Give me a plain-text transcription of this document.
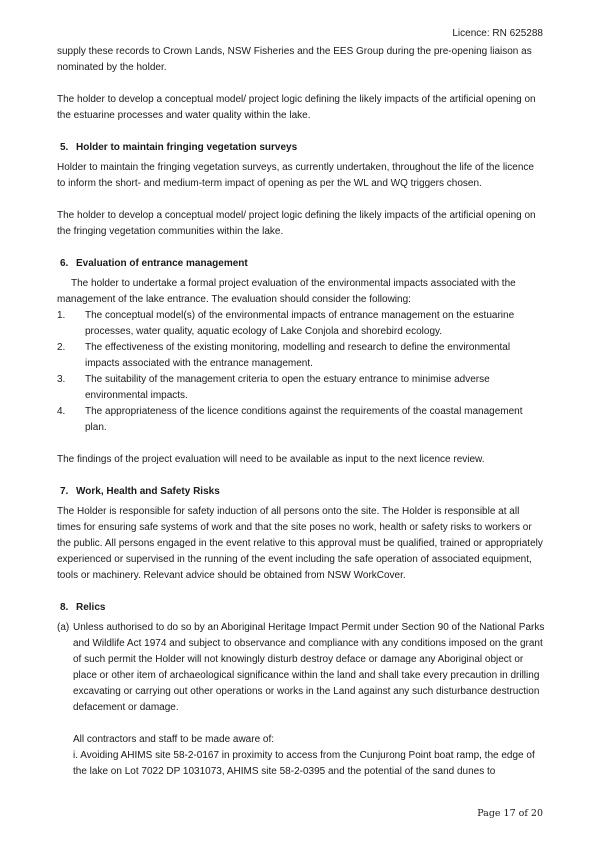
Licence: RN 625288

supply these records to Crown Lands, NSW Fisheries and the EES Group during the pre-opening liaison as nominated by the holder.

The holder to develop a conceptual model/ project logic defining the likely impacts of the artificial opening on the estuarine processes and water quality within the lake.

5. Holder to maintain fringing vegetation surveys

Holder to maintain the fringing vegetation surveys, as currently undertaken, throughout the life of the licence to inform the short- and medium-term impact of opening as per the WL and WQ triggers chosen.

The holder to develop a conceptual model/ project logic defining the likely impacts of the artificial opening on the fringing vegetation communities within the lake.

6. Evaluation of entrance management

The holder to undertake a formal project evaluation of the environmental impacts associated with the management of the lake entrance. The evaluation should consider the following:

1. The conceptual model(s) of the environmental impacts of entrance management on the estuarine processes, water quality, aquatic ecology of Lake Conjola and shorebird ecology.
2. The effectiveness of the existing monitoring, modelling and research to define the environmental impacts associated with the entrance management.
3. The suitability of the management criteria to open the estuary entrance to minimise adverse environmental impacts.
4. The appropriateness of the licence conditions against the requirements of the coastal management plan.

The findings of the project evaluation will need to be available as input to the next licence review.

7. Work, Health and Safety Risks

The Holder is responsible for safety induction of all persons onto the site. The Holder is responsible at all times for ensuring safe systems of work and that the site poses no work, health or safety risks to workers or the public. All persons engaged in the event relative to this approval must be qualified, trained or appropriately experienced or supervised in the running of the event including the safe operation of associated equipment, tools or machinery. Relevant advice should be obtained from NSW WorkCover.

8. Relics
(a) Unless authorised to do so by an Aboriginal Heritage Impact Permit under Section 90 of the National Parks and Wildlife Act 1974 and subject to observance and compliance with any conditions imposed on the grant of such permit the Holder will not knowingly disturb destroy deface or damage any Aboriginal object or place or other item of archaeological significance within the land and shall take every precaution in drilling excavating or carrying out other operations or works in the Land against any such disturbance destruction defacement or damage.

All contractors and staff to be made aware of:

i. Avoiding AHIMS site 58-2-0167 in proximity to access from the Cunjurong Point boat ramp, the edge of the lake on Lot 7022 DP 1031073, AHIMS site 58-2-0395 and the potential of the sand dunes to

Page 17 of 20
